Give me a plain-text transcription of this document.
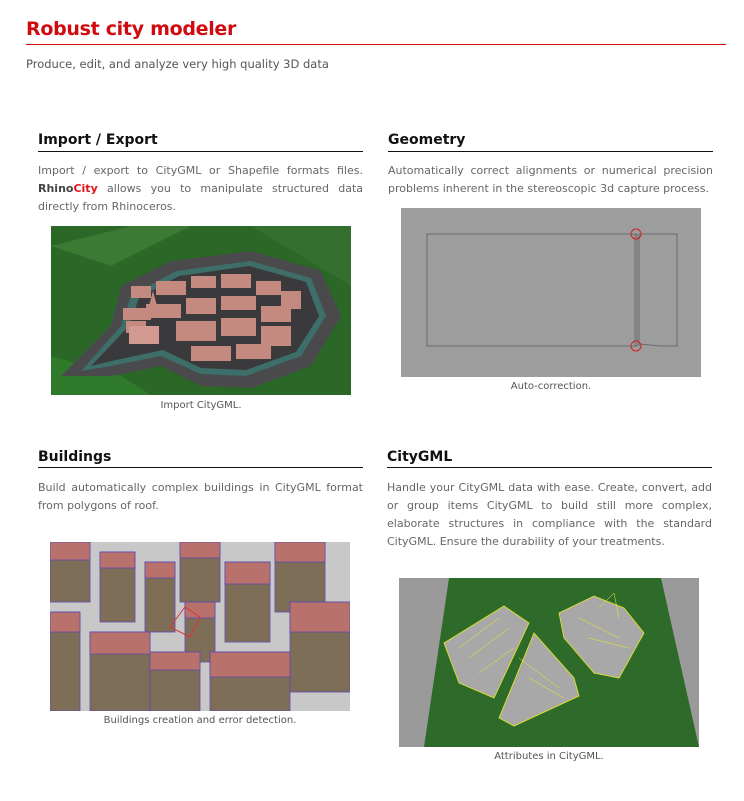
Robust city modeler
Produce, edit, and analyze very high quality 3D data
Import / Export
Import / export to CityGML or Shapefile formats files. RhinoCity allows you to manipulate structured data directly from Rhinoceros.
Import CityGML.
Geometry
Automatically correct alignments or numerical precision problems inherent in the stereoscopic 3d capture process.
Auto-correction.
Buildings
Build automatically complex buildings in CityGML format from polygons of roof.
Buildings creation and error detection.
CityGML
Handle your CityGML data with ease. Create, convert, add or group items CityGML to build still more complex, elaborate structures in compliance with the standard CityGML. Ensure the durability of your treatments.
Attributes in CityGML.
